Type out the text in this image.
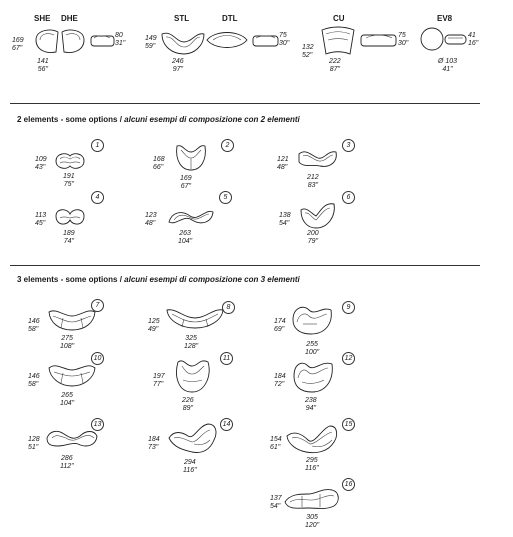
SHE DHE	STL	DTL	CU	EV8
169
67"
141
56"
80
31"
149
59"
246
97"
75
30"
132
52"
222
87"
75
30"
41
16"
Ø 103
41"
2 elements - some options / alcuni esempi di composizione con 2 elementi
1
109
43"
191
75"
2
168
66"
169
67"
3
121
48"
212
83"
4
113
45"
189
74"
5
123
48"
263
104"
6
138
54"
200
79"
3 elements - some options / alcuni esempi di composizione con 3 elementi
7
146
58"
275
108"
8
125
49"
325
128"
9
174
69"
255
100"
10
146
58"
265
104"
11
197
77"
226
89"
12
184
72"
238
94"
13
128
51"
286
112"
14
184
73"
294
116"
15
154
61"
295
116"
16
137
54"
305
120"
